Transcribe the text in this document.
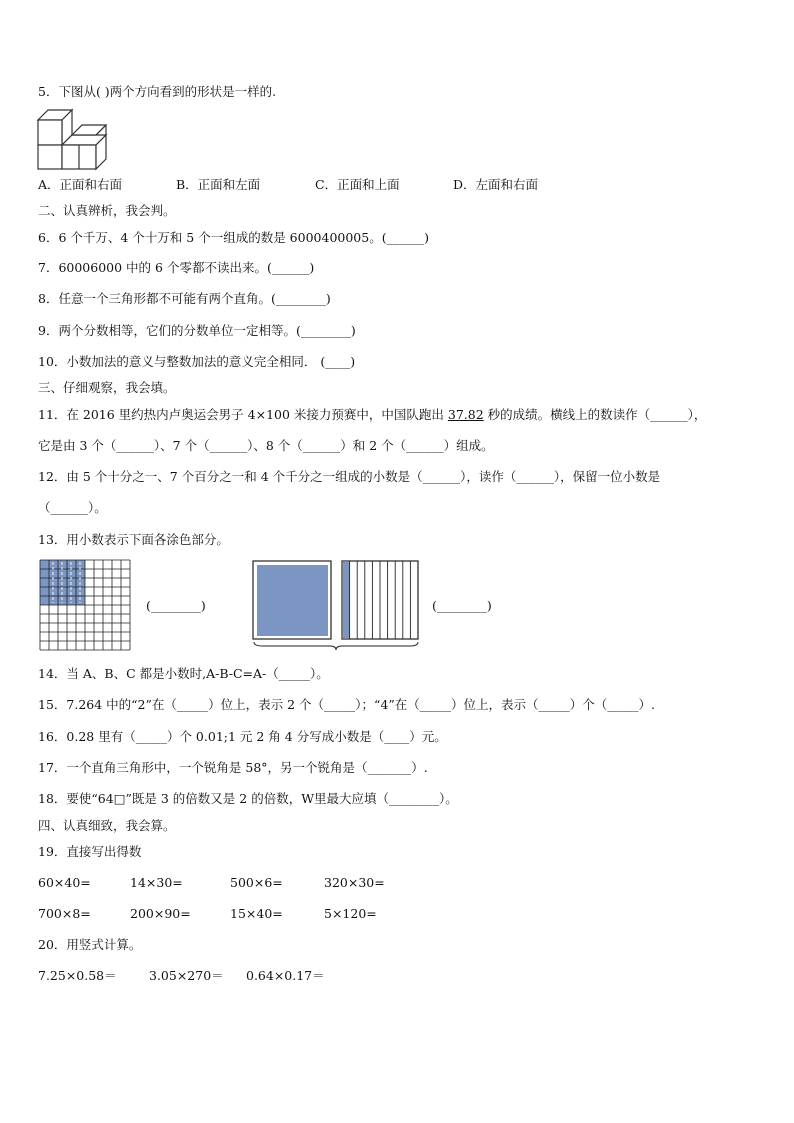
5．下图从( )两个方向看到的形状是一样的.
A．正面和右面	B．正面和左面	C．正面和上面	D．左面和右面
二、认真辨析，我会判。
6．6 个千万、4 个十万和 5 个一组成的数是 6000400005。(______)
7．60006000 中的 6 个零都不读出来。(______)
8．任意一个三角形都不可能有两个直角。(________)
9．两个分数相等，它们的分数单位一定相等。(________)
10．小数加法的意义与整数加法的意义完全相同． (____)
三、仔细观察，我会填。
11．在 2016 里约热内卢奥运会男子 4×100 米接力预赛中，中国队跑出 37.82 秒的成绩。横线上的数读作（______），
它是由 3 个（______）、7 个（______）、8 个（______）和 2 个（______）组成。
12．由 5 个十分之一、7 个百分之一和 4 个千分之一组成的小数是（______），读作（______），保留一位小数是
（______）。
13．用小数表示下面各涂色部分。
(________)	(________)
14．当 A、B、C 都是小数时,A-B-C=A-（_____）。
15．7.264 中的“2”在（_____）位上，表示 2 个（_____）；“4”在（_____）位上，表示（_____）个（_____）.
16．0.28 里有（_____）个 0.01;1 元 2 角 4 分写成小数是（____）元。
17．一个直角三角形中，一个锐角是 58°，另一个锐角是（_______）.
18．要使“64□”既是 3 的倍数又是 2 的倍数，W里最大应填（________）。
四、认真细致，我会算。
19．直接写出得数
60×40=	14×30=	500×6=	320×30=
700×8=	200×90=	15×40=	5×120=
20．用竖式计算。
7.25×0.58＝	3.05×270＝ 0.64×0.17＝
